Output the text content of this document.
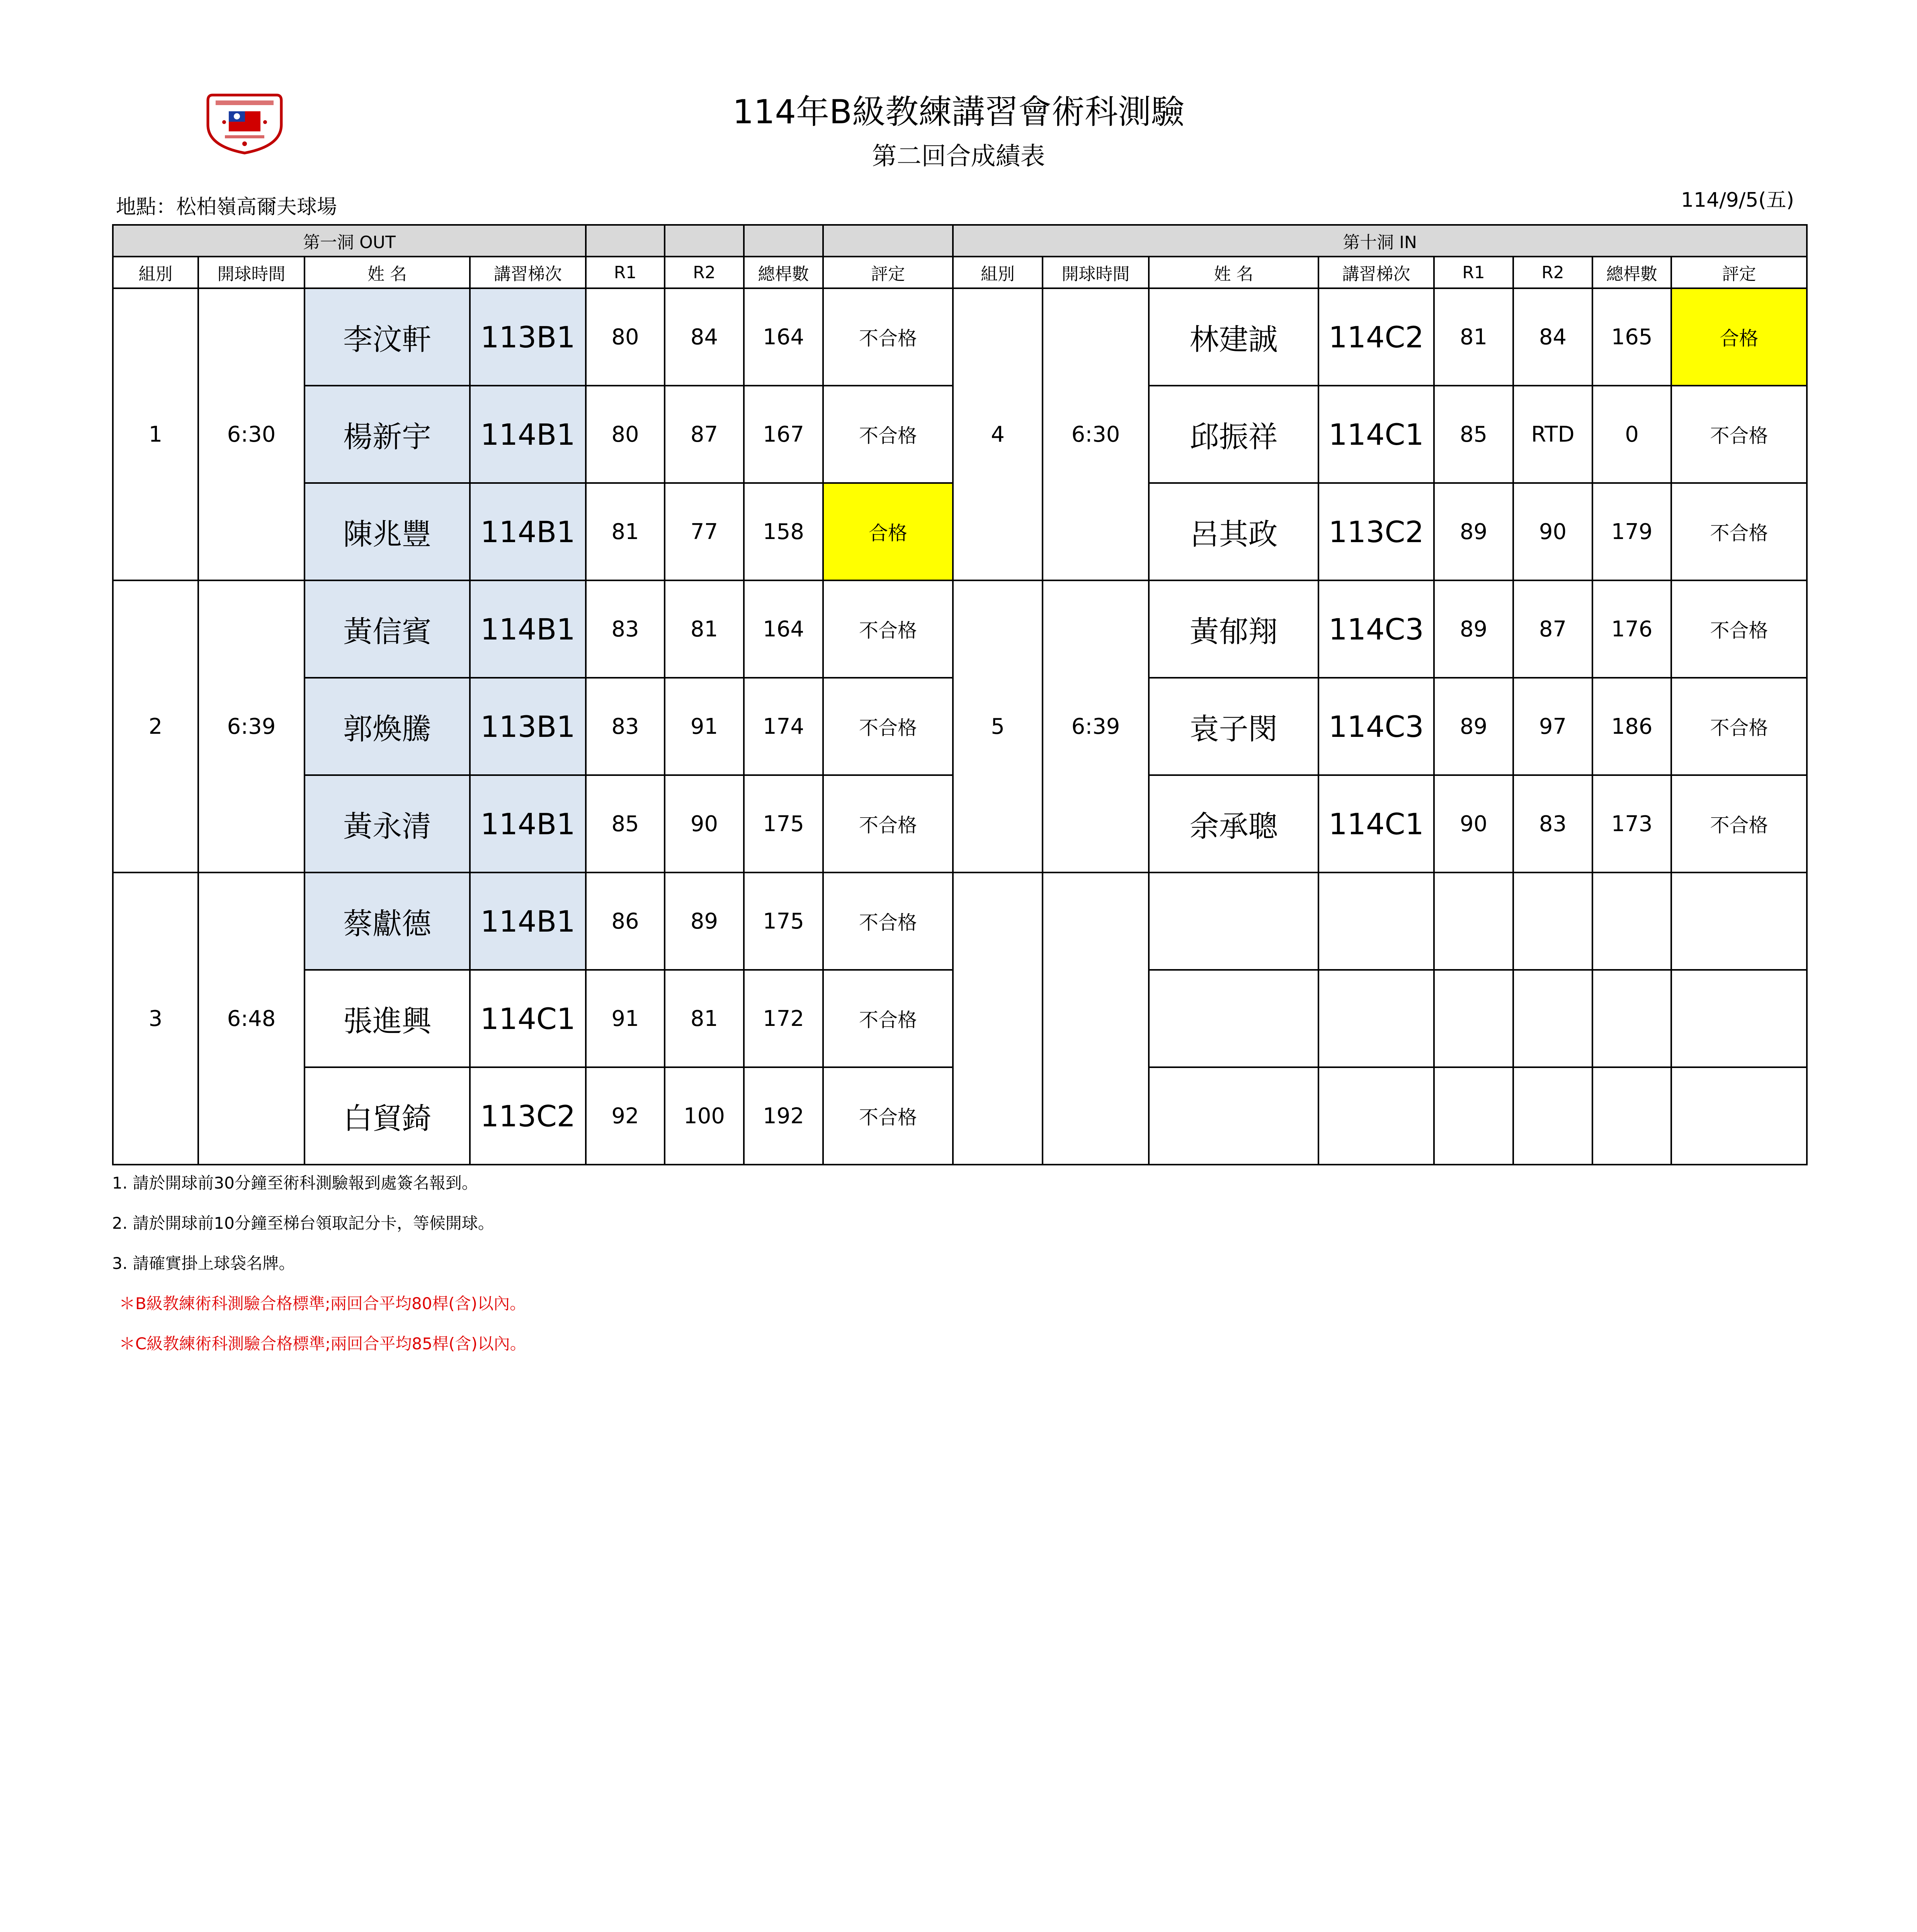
114年B級教練講習會術科測驗
第二回合成績表
地點：松柏嶺高爾夫球場	114/9/5(五)
第一洞 OUT								第十洞 IN							
組別	開球時間	姓 名	講習梯次	R1	R2	總桿數	評定	組別	開球時間	姓 名	講習梯次	R1	R2	總桿數	評定
1	6:30	李汶軒	113B1	80	84	164	不合格	4	6:30	林建誠	114C2	81	84	165	合格
		楊新宇	114B1	80	87	167	不合格			邱振祥	114C1	85	RTD	0	不合格
		陳兆豐	114B1	81	77	158	合格			呂其政	113C2	89	90	179	不合格
2	6:39	黃信賓	114B1	83	81	164	不合格	5	6:39	黃郁翔	114C3	89	87	176	不合格
		郭煥騰	113B1	83	91	174	不合格			袁子閔	114C3	89	97	186	不合格
		黃永清	114B1	85	90	175	不合格			余承聰	114C1	90	83	173	不合格
3	6:48	蔡獻德	114B1	86	89	175	不合格								
		張進興	114C1	91	81	172	不合格								
		白貿錡	113C2	92	100	192	不合格								
1. 請於開球前30分鐘至術科測驗報到處簽名報到。
2. 請於開球前10分鐘至梯台領取記分卡，等候開球。
3. 請確實掛上球袋名牌。
＊B級教練術科測驗合格標準;兩回合平均80桿(含)以內。
＊C級教練術科測驗合格標準;兩回合平均85桿(含)以內。
